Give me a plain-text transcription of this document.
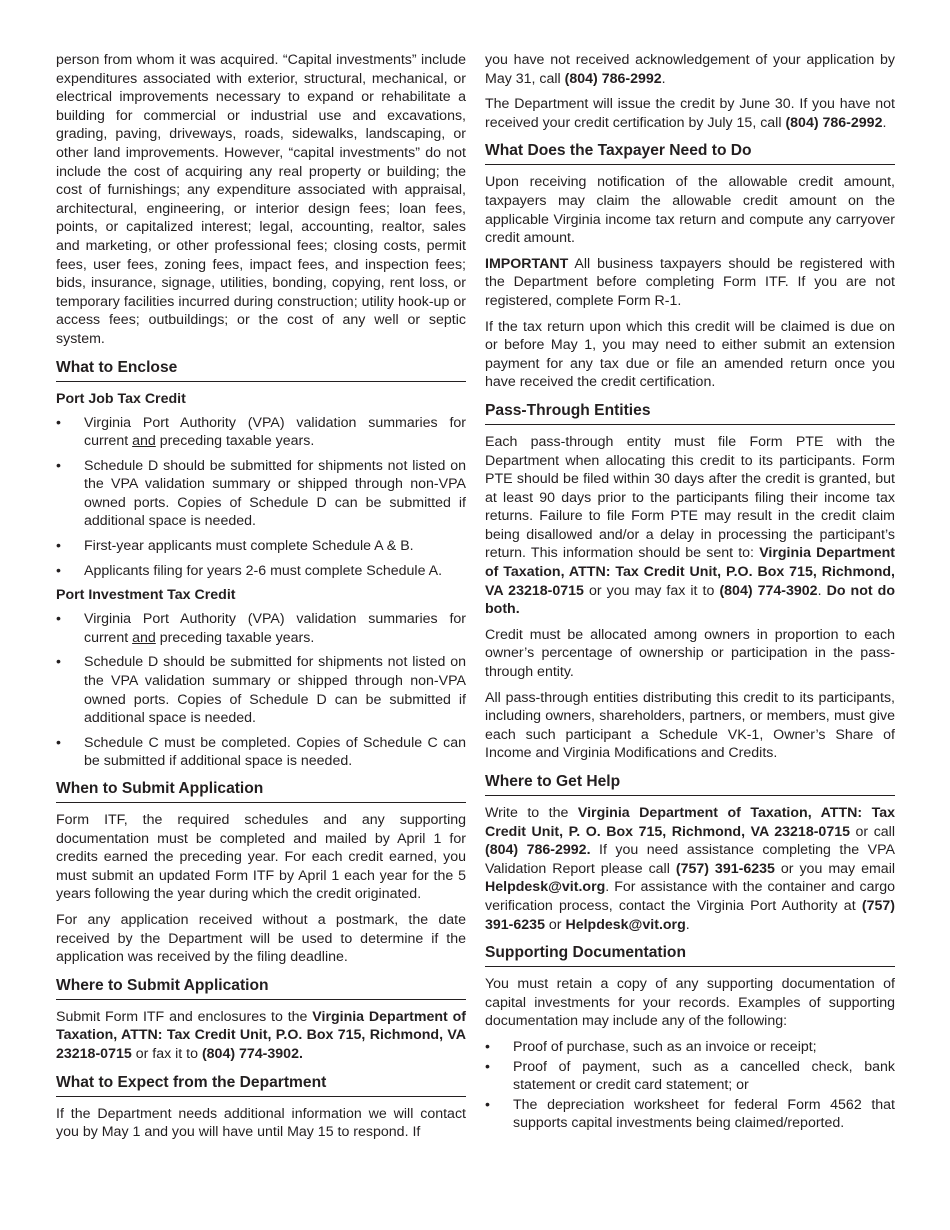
person from whom it was acquired. “Capital investments” include expenditures associated with exterior, structural, mechanical, or electrical improvements necessary to expand or rehabilitate a building for commercial or industrial use and excavations, grading, paving, driveways, roads, sidewalks, landscaping, or other land improvements. However, “capital investments” do not include the cost of acquiring any real property or building; the cost of furnishings; any expenditure associated with appraisal, architectural, engineering, or interior design fees; loan fees, points, or capitalized interest; legal, accounting, realtor, sales and marketing, or other professional fees; closing costs, permit fees, user fees, zoning fees, impact fees, and inspection fees; bids, insurance, signage, utilities, bonding, copying, rent loss, or temporary facilities incurred during construction; utility hook-up or access fees; outbuildings; or the cost of any well or septic system.

What to Enclose
Port Job Tax Credit
• Virginia Port Authority (VPA) validation summaries for current and preceding taxable years.
• Schedule D should be submitted for shipments not listed on the VPA validation summary or shipped through non-VPA owned ports. Copies of Schedule D can be submitted if additional space is needed.
• First-year applicants must complete Schedule A & B.
• Applicants filing for years 2-6 must complete Schedule A.
Port Investment Tax Credit
• Virginia Port Authority (VPA) validation summaries for current and preceding taxable years.
• Schedule D should be submitted for shipments not listed on the VPA validation summary or shipped through non-VPA owned ports. Copies of Schedule D can be submitted if additional space is needed.
• Schedule C must be completed. Copies of Schedule C can be submitted if additional space is needed.
When to Submit Application

Form ITF, the required schedules and any supporting documentation must be completed and mailed by April 1 for credits earned the preceding year. For each credit earned, you must submit an updated Form ITF by April 1 each year for the 5 years following the year during which the credit originated.

For any application received without a postmark, the date received by the Department will be used to determine if the application was received by the filing deadline.

Where to Submit Application

Submit Form ITF and enclosures to the Virginia Department of Taxation, ATTN: Tax Credit Unit, P.O. Box 715, Richmond, VA 23218-0715 or fax it to (804) 774-3902.

What to Expect from the Department

If the Department needs additional information we will contact you by May 1 and you will have until May 15 to respond. If

you have not received acknowledgement of your application by May 31, call (804) 786-2992.

The Department will issue the credit by June 30. If you have not received your credit certification by July 15, call (804) 786-2992.

What Does the Taxpayer Need to Do

Upon receiving notification of the allowable credit amount, taxpayers may claim the allowable credit amount on the applicable Virginia income tax return and compute any carryover credit amount.

IMPORTANT All business taxpayers should be registered with the Department before completing Form ITF. If you are not registered, complete Form R-1.

If the tax return upon which this credit will be claimed is due on or before May 1, you may need to either submit an extension payment for any tax due or file an amended return once you have received the credit certification.

Pass-Through Entities

Each pass-through entity must file Form PTE with the Department when allocating this credit to its participants. Form PTE should be filed within 30 days after the credit is granted, but at least 90 days prior to the participants filing their income tax returns. Failure to file Form PTE may result in the credit claim being disallowed and/or a delay in processing the participant’s return. This information should be sent to: Virginia Department of Taxation, ATTN: Tax Credit Unit, P.O. Box 715, Richmond, VA 23218-0715 or you may fax it to (804) 774-3902. Do not do both.

Credit must be allocated among owners in proportion to each owner’s percentage of ownership or participation in the pass-through entity.

All pass-through entities distributing this credit to its participants, including owners, shareholders, partners, or members, must give each such participant a Schedule VK-1, Owner’s Share of Income and Virginia Modifications and Credits.

Where to Get Help

Write to the Virginia Department of Taxation, ATTN: Tax Credit Unit, P. O. Box 715, Richmond, VA 23218-0715 or call (804) 786-2992. If you need assistance completing the VPA Validation Report please call (757) 391-6235 or you may email Helpdesk@vit.org. For assistance with the container and cargo verification process, contact the Virginia Port Authority at (757) 391-6235 or Helpdesk@vit.org.

Supporting Documentation

You must retain a copy of any supporting documentation of capital investments for your records. Examples of supporting documentation may include any of the following:

• Proof of purchase, such as an invoice or receipt;
• Proof of payment, such as a cancelled check, bank statement or credit card statement; or
• The depreciation worksheet for federal Form 4562 that supports capital investments being claimed/reported.
